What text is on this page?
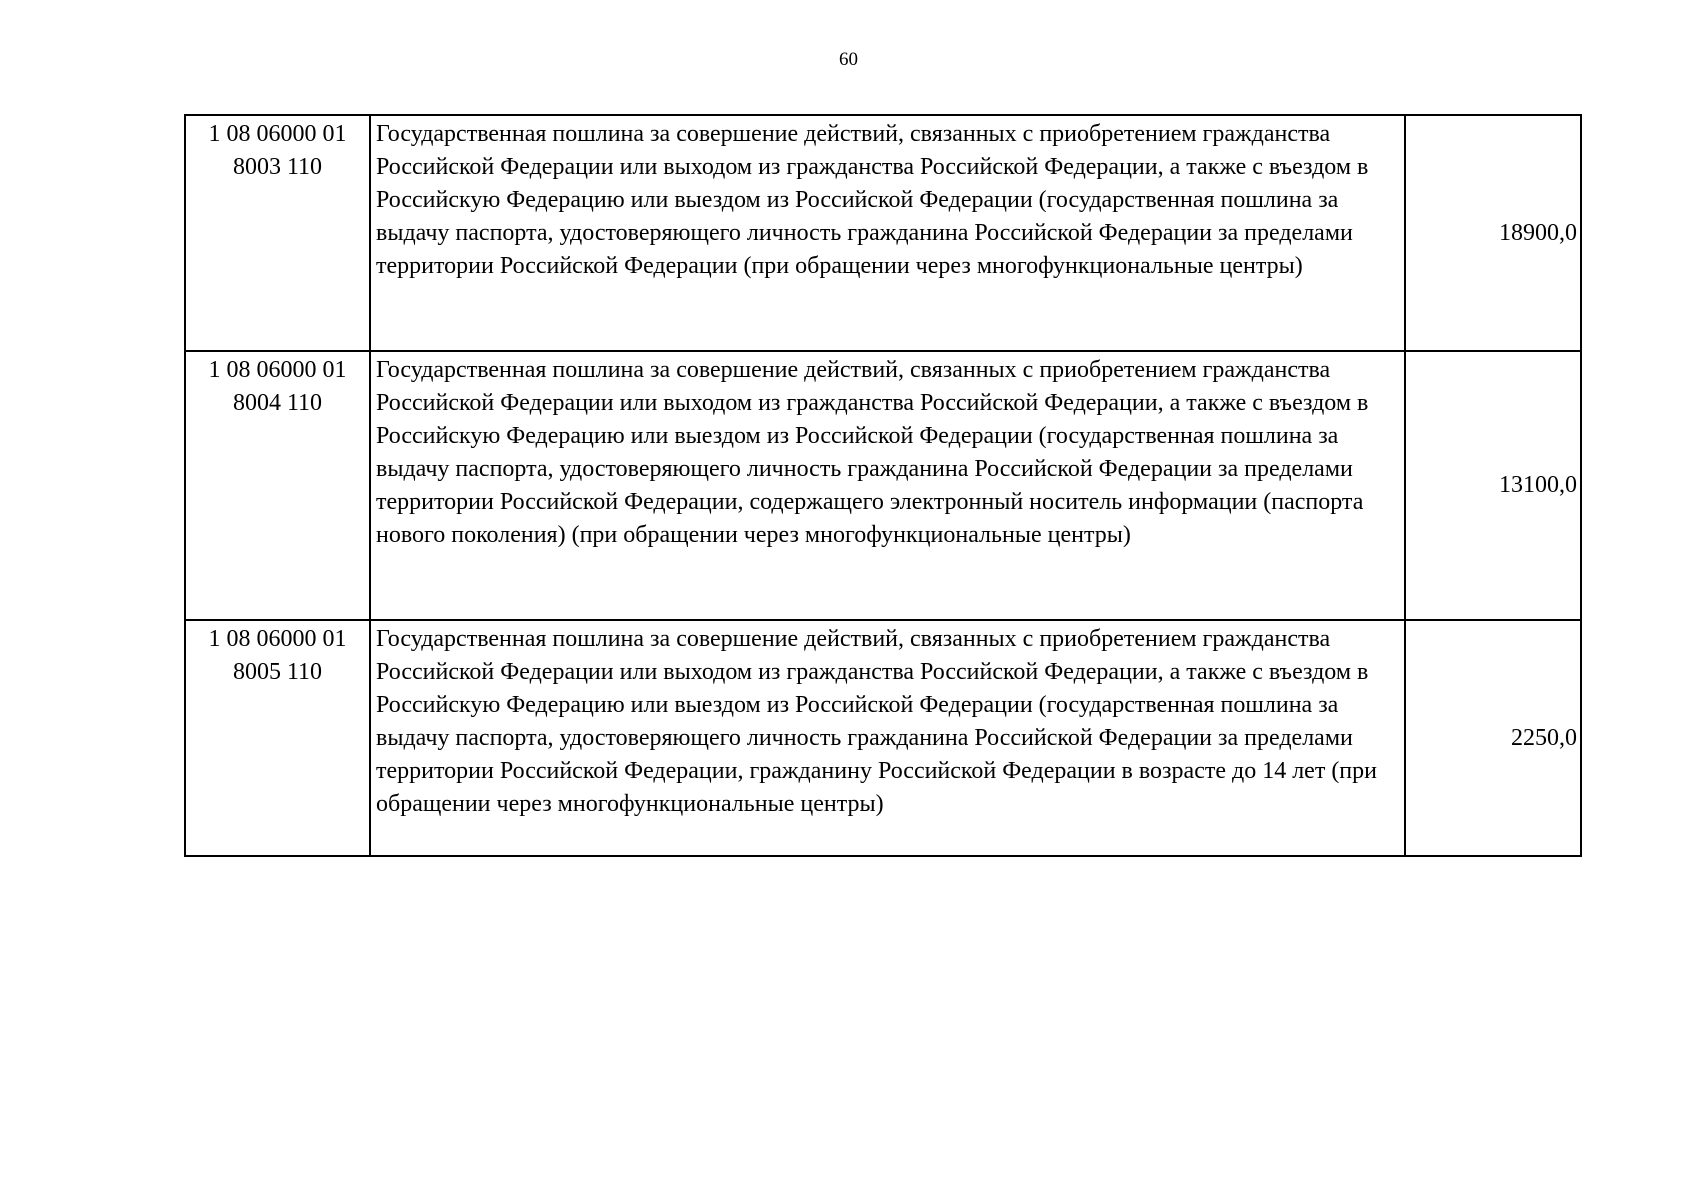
60
1 08 06000 01
8003 110	Государственная пошлина за совершение действий, связанных с приобретением гражданства Российской Федерации или выходом из гражданства Российской Федерации, а также с въездом в Российскую Федерацию или выездом из Российской Федерации (государственная пошлина за выдачу паспорта, удостоверяющего личность гражданина Российской Федерации за пределами территории Российской Федерации (при обращении через многофункциональные центры)	18900,0

1 08 06000 01
8004 110	Государственная пошлина за совершение действий, связанных с приобретением гражданства Российской Федерации или выходом из гражданства Российской Федерации, а также с въездом в Российскую Федерацию или выездом из Российской Федерации (государственная пошлина за выдачу паспорта, удостоверяющего личность гражданина Российской Федерации за пределами территории Российской Федерации, содержащего электронный носитель информации (паспорта нового поколения) (при обращении через многофункциональные центры)	13100,0

1 08 06000 01
8005 110	Государственная пошлина за совершение действий, связанных с приобретением гражданства Российской Федерации или выходом из гражданства Российской Федерации, а также с въездом в Российскую Федерацию или выездом из Российской Федерации (государственная пошлина за выдачу паспорта, удостоверяющего личность гражданина Российской Федерации за пределами территории Российской Федерации, гражданину Российской Федерации в возрасте до 14 лет (при обращении через многофункциональные центры)	2250,0
